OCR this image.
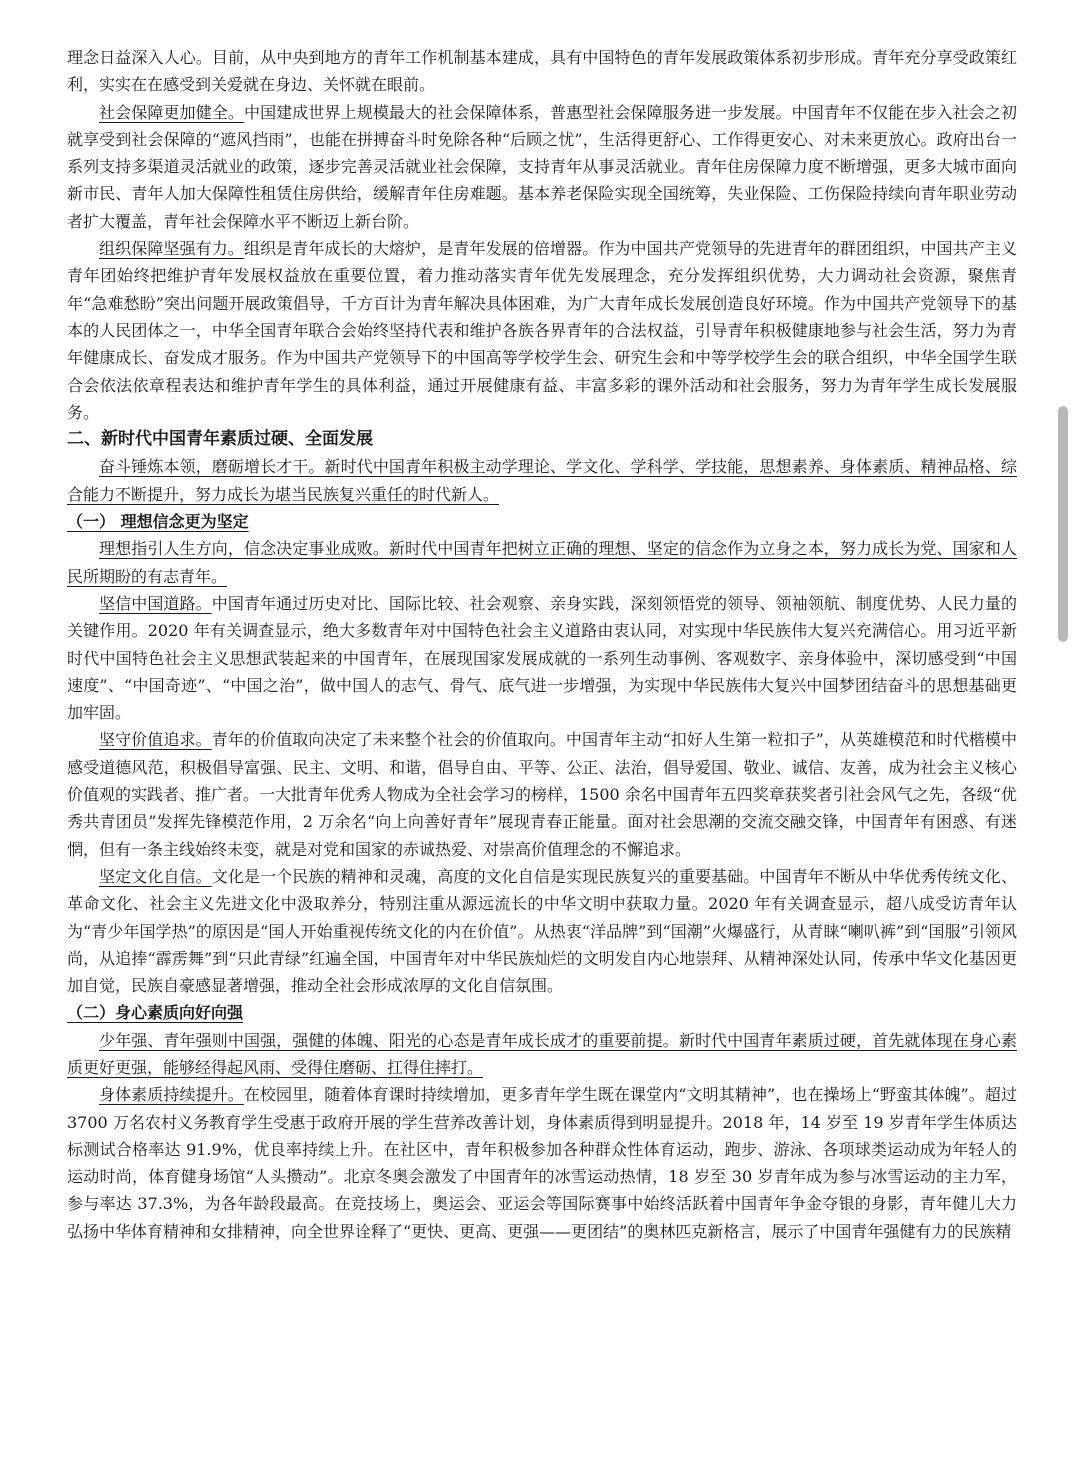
理念日益深入人心。目前，从中央到地方的青年工作机制基本建成，具有中国特色的青年发展政策体系初步形成。青年充分享受政策红利，实实在在感受到关爱就在身边、关怀就在眼前。

社会保障更加健全。中国建成世界上规模最大的社会保障体系，普惠型社会保障服务进一步发展。中国青年不仅能在步入社会之初就享受到社会保障的“遮风挡雨”，也能在拼搏奋斗时免除各种“后顾之忧”，生活得更舒心、工作得更安心、对未来更放心。政府出台一系列支持多渠道灵活就业的政策，逐步完善灵活就业社会保障，支持青年从事灵活就业。青年住房保障力度不断增强，更多大城市面向新市民、青年人加大保障性租赁住房供给，缓解青年住房难题。基本养老保险实现全国统筹，失业保险、工伤保险持续向青年职业劳动者扩大覆盖，青年社会保障水平不断迈上新台阶。

组织保障坚强有力。组织是青年成长的大熔炉，是青年发展的倍增器。作为中国共产党领导的先进青年的群团组织，中国共产主义青年团始终把维护青年发展权益放在重要位置，着力推动落实青年优先发展理念，充分发挥组织优势，大力调动社会资源，聚焦青年“急难愁盼”突出问题开展政策倡导，千方百计为青年解决具体困难，为广大青年成长发展创造良好环境。作为中国共产党领导下的基本的人民团体之一，中华全国青年联合会始终坚持代表和维护各族各界青年的合法权益，引导青年积极健康地参与社会生活，努力为青年健康成长、奋发成才服务。作为中国共产党领导下的中国高等学校学生会、研究生会和中等学校学生会的联合组织，中华全国学生联合会依法依章程表达和维护青年学生的具体利益，通过开展健康有益、丰富多彩的课外活动和社会服务，努力为青年学生成长发展服务。

二、新时代中国青年素质过硬、全面发展

奋斗锤炼本领，磨砺增长才干。新时代中国青年积极主动学理论、学文化、学科学、学技能，思想素养、身体素质、精神品格、综合能力不断提升，努力成长为堪当民族复兴重任的时代新人。

（一） 理想信念更为坚定

理想指引人生方向，信念决定事业成败。新时代中国青年把树立正确的理想、坚定的信念作为立身之本，努力成长为党、国家和人民所期盼的有志青年。

坚信中国道路。中国青年通过历史对比、国际比较、社会观察、亲身实践，深刻领悟党的领导、领袖领航、制度优势、人民力量的关键作用。2020 年有关调查显示，绝大多数青年对中国特色社会主义道路由衷认同，对实现中华民族伟大复兴充满信心。用习近平新时代中国特色社会主义思想武装起来的中国青年，在展现国家发展成就的一系列生动事例、客观数字、亲身体验中，深切感受到“中国速度”、“中国奇迹”、“中国之治”，做中国人的志气、骨气、底气进一步增强，为实现中华民族伟大复兴中国梦团结奋斗的思想基础更加牢固。

坚守价值追求。青年的价值取向决定了未来整个社会的价值取向。中国青年主动“扣好人生第一粒扣子”，从英雄模范和时代楷模中感受道德风范，积极倡导富强、民主、文明、和谐，倡导自由、平等、公正、法治，倡导爱国、敬业、诚信、友善，成为社会主义核心价值观的实践者、推广者。一大批青年优秀人物成为全社会学习的榜样，1500 余名中国青年五四奖章获奖者引社会风气之先，各级“优秀共青团员”发挥先锋模范作用，2 万余名“向上向善好青年”展现青春正能量。面对社会思潮的交流交融交锋，中国青年有困惑、有迷惘，但有一条主线始终未变，就是对党和国家的赤诚热爱、对崇高价值理念的不懈追求。

坚定文化自信。文化是一个民族的精神和灵魂，高度的文化自信是实现民族复兴的重要基础。中国青年不断从中华优秀传统文化、革命文化、社会主义先进文化中汲取养分，特别注重从源远流长的中华文明中获取力量。2020 年有关调查显示，超八成受访青年认为“青少年国学热”的原因是“国人开始重视传统文化的内在价值”。从热衷“洋品牌”到“国潮”火爆盛行，从青睐“喇叭裤”到“国服”引领风尚，从追捧“霹雳舞”到“只此青绿”红遍全国，中国青年对中华民族灿烂的文明发自内心地崇拜、从精神深处认同，传承中华文化基因更加自觉，民族自豪感显著增强，推动全社会形成浓厚的文化自信氛围。

（二）身心素质向好向强

少年强、青年强则中国强，强健的体魄、阳光的心态是青年成长成才的重要前提。新时代中国青年素质过硬，首先就体现在身心素质更好更强，能够经得起风雨、受得住磨砺、扛得住摔打。

身体素质持续提升。在校园里，随着体育课时持续增加，更多青年学生既在课堂内“文明其精神”，也在操场上“野蛮其体魄”。超过 3700 万名农村义务教育学生受惠于政府开展的学生营养改善计划，身体素质得到明显提升。2018 年，14 岁至 19 岁青年学生体质达标测试合格率达 91.9%，优良率持续上升。在社区中，青年积极参加各种群众性体育运动，跑步、游泳、各项球类运动成为年轻人的运动时尚，体育健身场馆“人头攒动”。北京冬奥会激发了中国青年的冰雪运动热情，18 岁至 30 岁青年成为参与冰雪运动的主力军，参与率达 37.3%，为各年龄段最高。在竞技场上，奥运会、亚运会等国际赛事中始终活跃着中国青年争金夺银的身影，青年健儿大力弘扬中华体育精神和女排精神，向全世界诠释了“更快、更高、更强——更团结”的奥林匹克新格言，展示了中国青年强健有力的民族精
